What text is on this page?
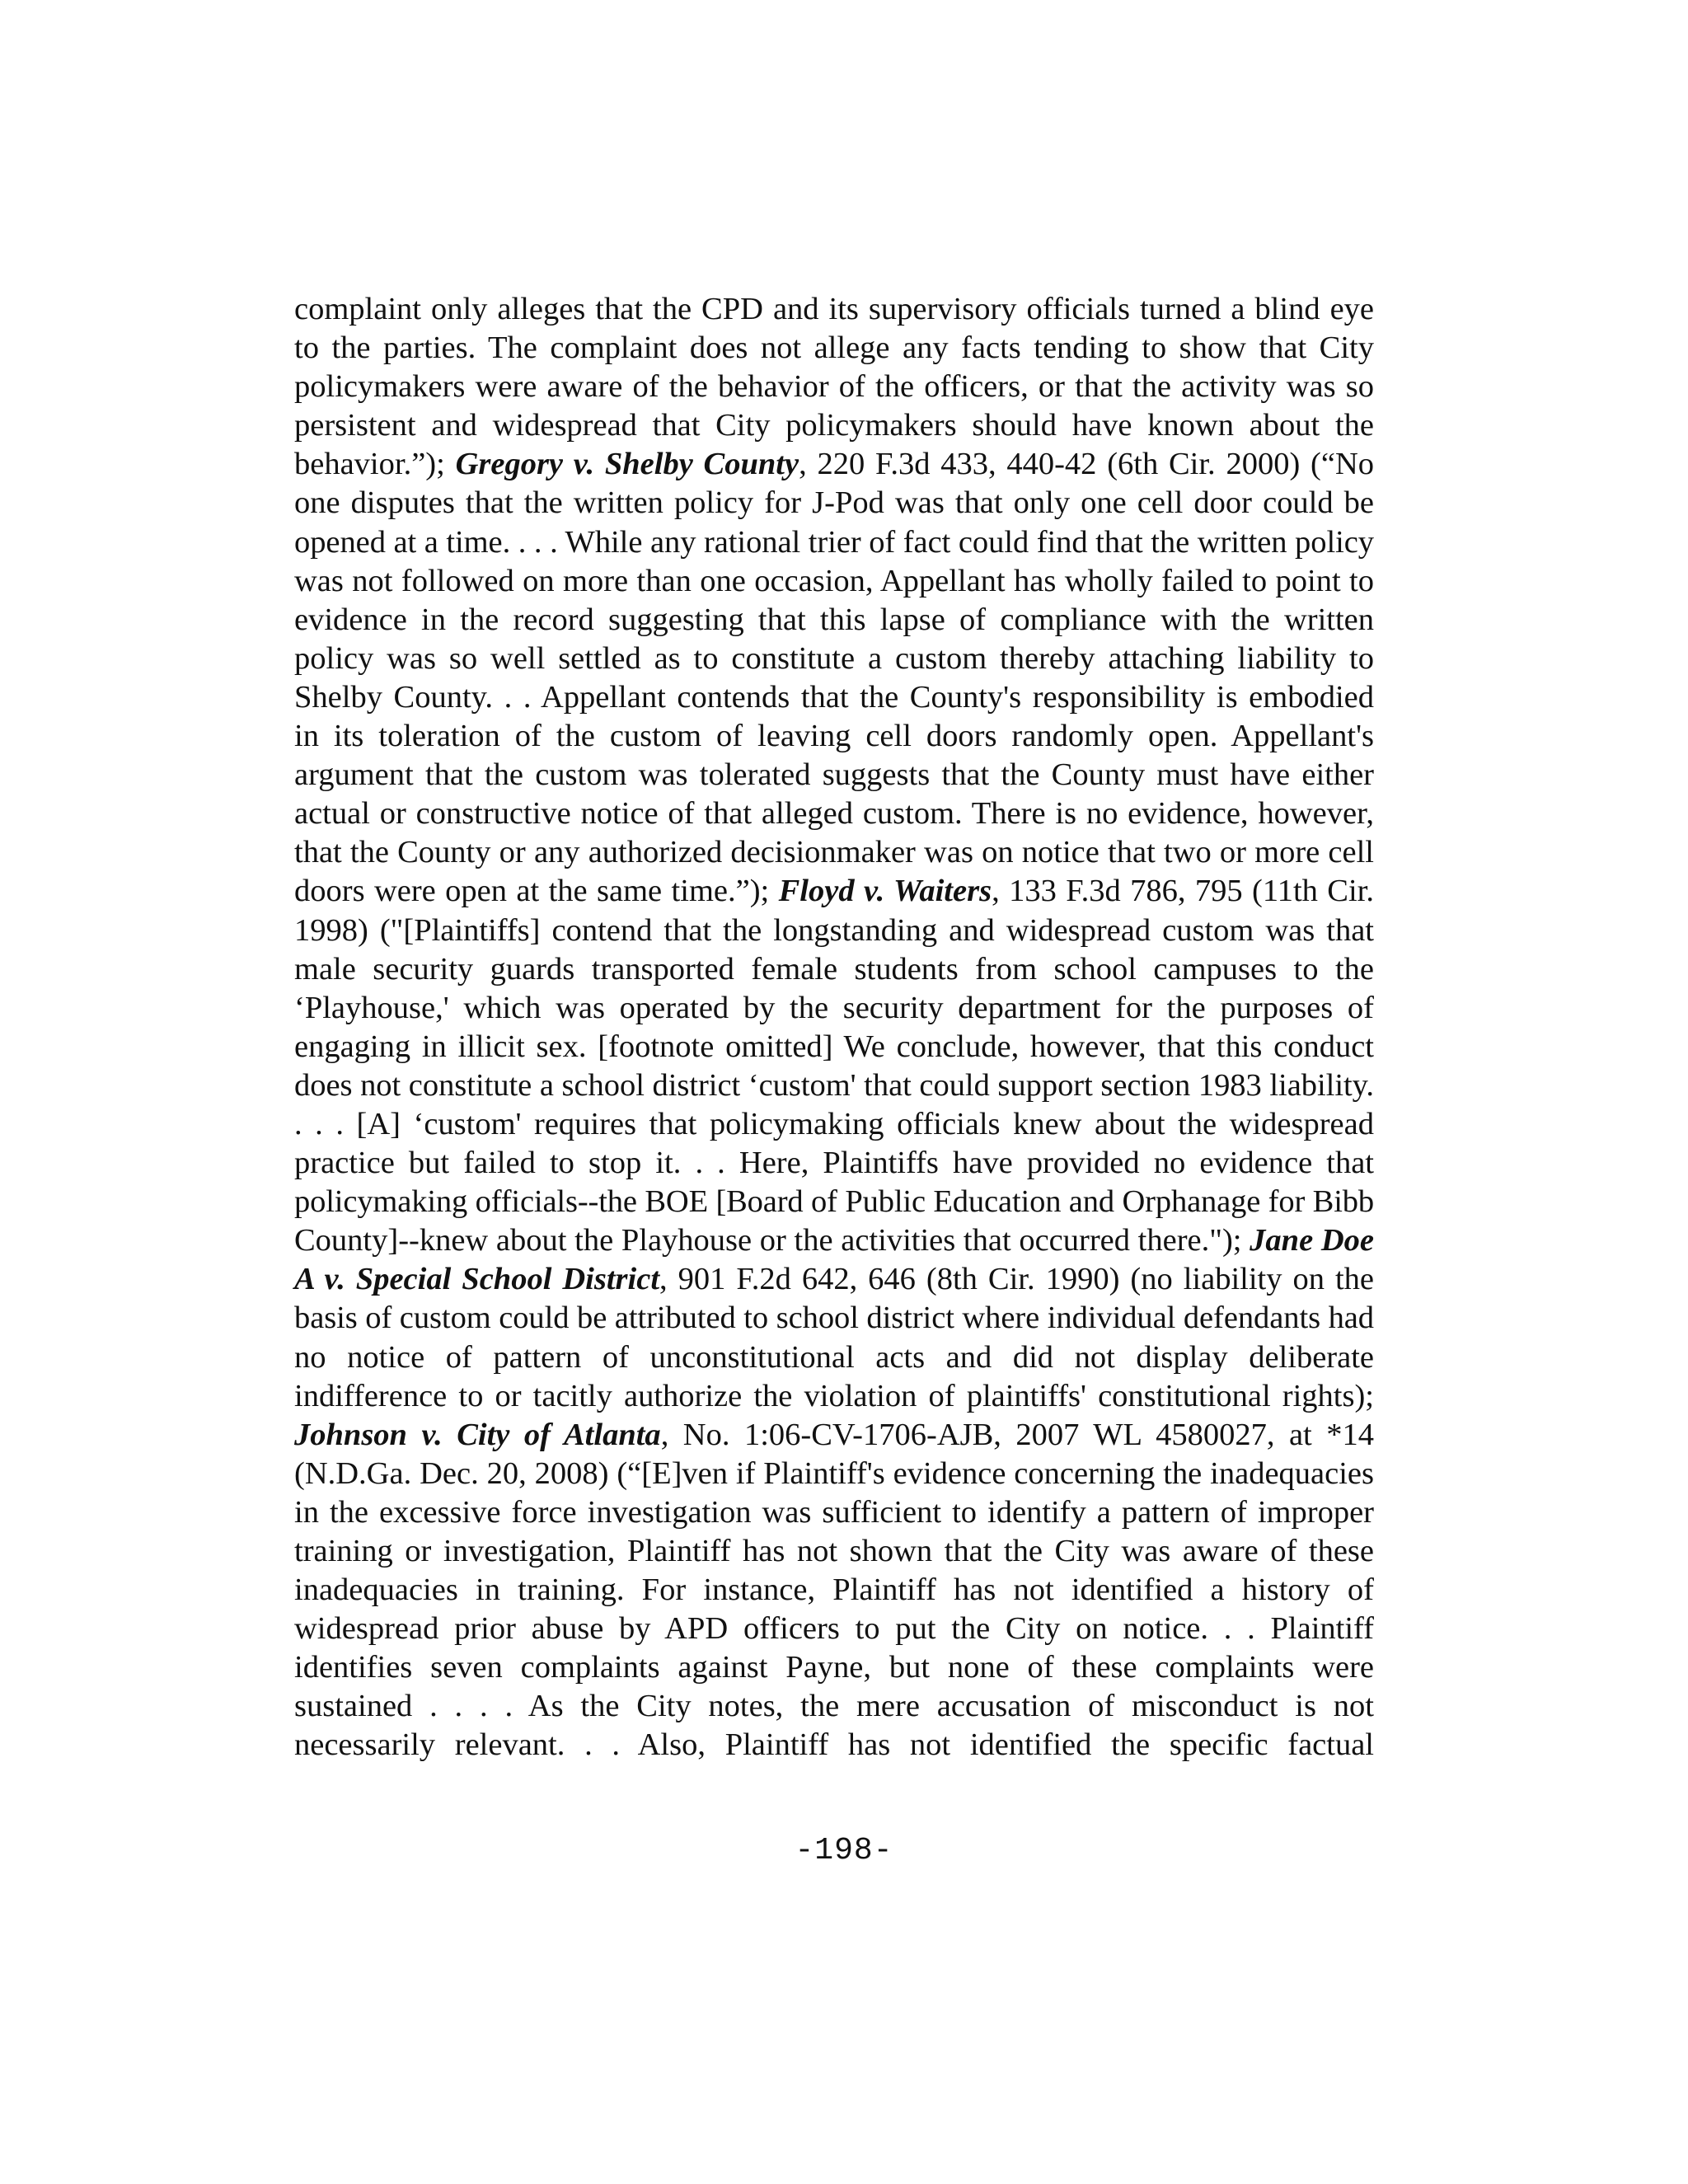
complaint only alleges that the CPD and its supervisory officials turned a blind eye
to the parties. The complaint does not allege any facts tending to show that City
policymakers were aware of the behavior of the officers, or that the activity was so
persistent and widespread that City policymakers should have known about the
behavior.”); Gregory v. Shelby County, 220 F.3d 433, 440-42 (6th Cir. 2000) (“No
one disputes that the written policy for J-Pod was that only one cell door could be
opened at a time. . . . While any rational trier of fact could find that the written policy
was not followed on more than one occasion, Appellant has wholly failed to point to
evidence in the record suggesting that this lapse of compliance with the written
policy was so well settled as to constitute a custom thereby attaching liability to
Shelby County. . . Appellant contends that the County's responsibility is embodied
in its toleration of the custom of leaving cell doors randomly open. Appellant's
argument that the custom was tolerated suggests that the County must have either
actual or constructive notice of that alleged custom. There is no evidence, however,
that the County or any authorized decisionmaker was on notice that two or more cell
doors were open at the same time.”); Floyd v. Waiters, 133 F.3d 786, 795 (11th Cir.
1998) ("[Plaintiffs] contend that the longstanding and widespread custom was that
male security guards transported female students from school campuses to the
‘Playhouse,' which was operated by the security department for the purposes of
engaging in illicit sex. [footnote omitted] We conclude, however, that this conduct
does not constitute a school district ‘custom' that could support section 1983 liability.
. . . [A] ‘custom' requires that policymaking officials knew about the widespread
practice but failed to stop it. . . Here, Plaintiffs have provided no evidence that
policymaking officials--the BOE [Board of Public Education and Orphanage for Bibb
County]--knew about the Playhouse or the activities that occurred there."); Jane Doe
A v. Special School District, 901 F.2d 642, 646 (8th Cir. 1990) (no liability on the
basis of custom could be attributed to school district where individual defendants had
no notice of pattern of unconstitutional acts and did not display deliberate
indifference to or tacitly authorize the violation of plaintiffs' constitutional rights);
Johnson v. City of Atlanta, No. 1:06-CV-1706-AJB, 2007 WL 4580027, at *14
(N.D.Ga. Dec. 20, 2008) (“[E]ven if Plaintiff's evidence concerning the inadequacies
in the excessive force investigation was sufficient to identify a pattern of improper
training or investigation, Plaintiff has not shown that the City was aware of these
inadequacies in training. For instance, Plaintiff has not identified a history of
widespread prior abuse by APD officers to put the City on notice. . . Plaintiff
identifies seven complaints against Payne, but none of these complaints were
sustained . . . . As the City notes, the mere accusation of misconduct is not
necessarily relevant. . . Also, Plaintiff has not identified the specific factual
-198-
